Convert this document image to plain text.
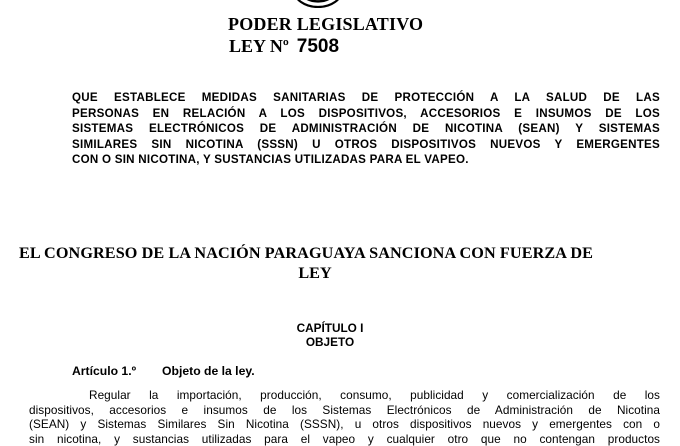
PODER LEGISLATIVO
LEY Nº 7508
QUE ESTABLECE MEDIDAS SANITARIAS DE PROTECCIÓN A LA SALUD DE LAS
PERSONAS EN RELACIÓN A LOS DISPOSITIVOS, ACCESORIOS E INSUMOS DE LOS
SISTEMAS ELECTRÓNICOS DE ADMINISTRACIÓN DE NICOTINA (SEAN) Y SISTEMAS
SIMILARES SIN NICOTINA (SSSN) U OTROS DISPOSITIVOS NUEVOS Y EMERGENTES
CON O SIN NICOTINA, Y SUSTANCIAS UTILIZADAS PARA EL VAPEO.
EL CONGRESO DE LA NACIÓN PARAGUAYA SANCIONA CON FUERZA DE
LEY
CAPÍTULO I
OBJETO
Artículo 1.º Objeto de la ley.
Regular la importación, producción, consumo, publicidad y comercialización de los
dispositivos, accesorios e insumos de los Sistemas Electrónicos de Administración de Nicotina
(SEAN) y Sistemas Similares Sin Nicotina (SSSN), u otros dispositivos nuevos y emergentes con o
sin nicotina, y sustancias utilizadas para el vapeo y cualquier otro que no contengan productos
